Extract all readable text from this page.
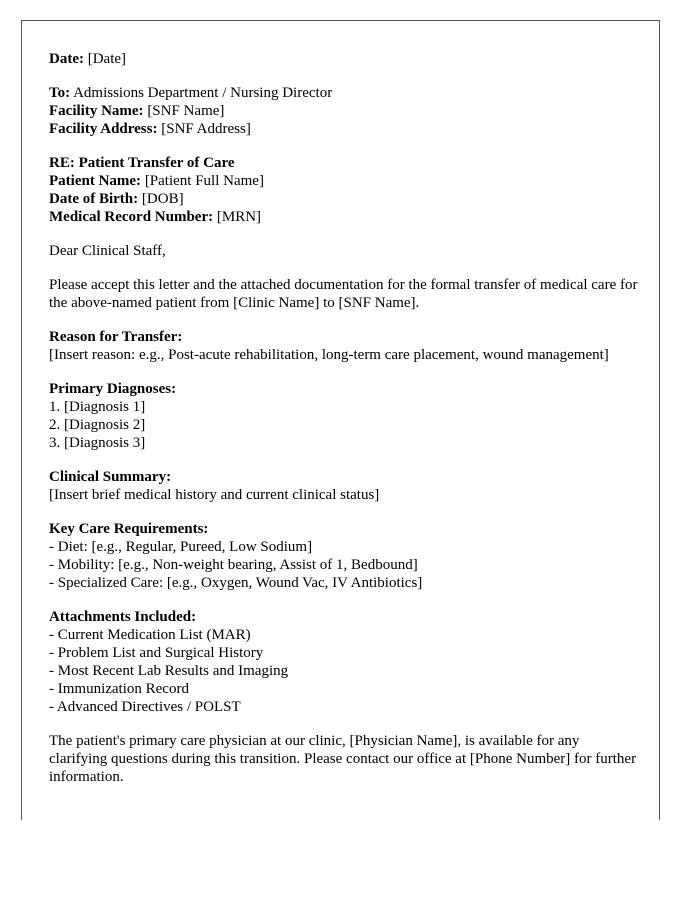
Date: [Date]
To: Admissions Department / Nursing Director
Facility Name: [SNF Name]
Facility Address: [SNF Address]
RE: Patient Transfer of Care
Patient Name: [Patient Full Name]
Date of Birth: [DOB]
Medical Record Number: [MRN]

Dear Clinical Staff,

Please accept this letter and the attached documentation for the formal transfer of medical care for the above-named patient from [Clinic Name] to [SNF Name].

Reason for Transfer:
[Insert reason: e.g., Post-acute rehabilitation, long-term care placement, wound management]
Primary Diagnoses:
1. [Diagnosis 1]
2. [Diagnosis 2]
3. [Diagnosis 3]
Clinical Summary:
[Insert brief medical history and current clinical status]
Key Care Requirements:
- Diet: [e.g., Regular, Pureed, Low Sodium]
- Mobility: [e.g., Non-weight bearing, Assist of 1, Bedbound]
- Specialized Care: [e.g., Oxygen, Wound Vac, IV Antibiotics]
Attachments Included:
- Current Medication List (MAR)
- Problem List and Surgical History
- Most Recent Lab Results and Imaging
- Immunization Record
- Advanced Directives / POLST

The patient's primary care physician at our clinic, [Physician Name], is available for any clarifying questions during this transition. Please contact our office at [Phone Number] for further information.
